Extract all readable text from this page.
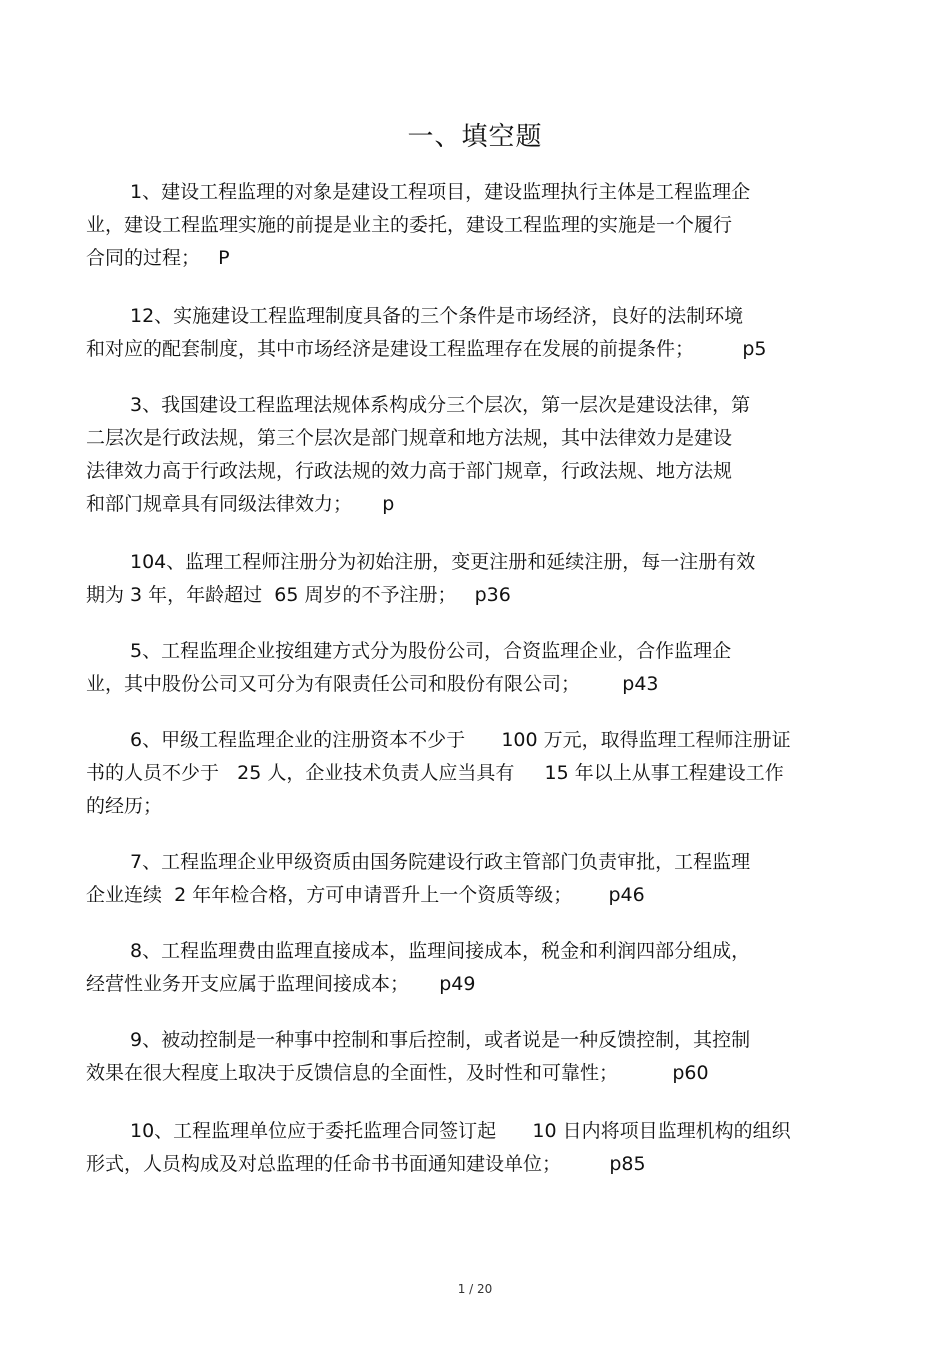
一、填空题
1、建设工程监理的对象是建设工程项目，建设监理执行主体是工程监理企
业，建设工程监理实施的前提是业主的委托，建设工程监理的实施是一个履行
合同的过程；   P
12、实施建设工程监理制度具备的三个条件是市场经济，良好的法制环境
和对应的配套制度，其中市场经济是建设工程监理存在发展的前提条件；        p5
3、我国建设工程监理法规体系构成分三个层次，第一层次是建设法律，第
二层次是行政法规，第三个层次是部门规章和地方法规，其中法律效力是建设
法律效力高于行政法规，行政法规的效力高于部门规章，行政法规、地方法规
和部门规章具有同级法律效力；     p
104、监理工程师注册分为初始注册，变更注册和延续注册，每一注册有效
期为 3 年，年龄超过  65 周岁的不予注册；   p36
5、工程监理企业按组建方式分为股份公司，合资监理企业，合作监理企
业，其中股份公司又可分为有限责任公司和股份有限公司；       p43
6、甲级工程监理企业的注册资本不少于      100 万元，取得监理工程师注册证
书的人员不少于   25 人，企业技术负责人应当具有     15 年以上从事工程建设工作
的经历；
7、工程监理企业甲级资质由国务院建设行政主管部门负责审批，工程监理
企业连续  2 年年检合格，方可申请晋升上一个资质等级；      p46
8、工程监理费由监理直接成本，监理间接成本，税金和利润四部分组成，
经营性业务开支应属于监理间接成本；     p49
9、被动控制是一种事中控制和事后控制，或者说是一种反馈控制，其控制
效果在很大程度上取决于反馈信息的全面性，及时性和可靠性；         p60
10、工程监理单位应于委托监理合同签订起      10 日内将项目监理机构的组织
形式，人员构成及对总监理的任命书书面通知建设单位；        p85
1 / 20
